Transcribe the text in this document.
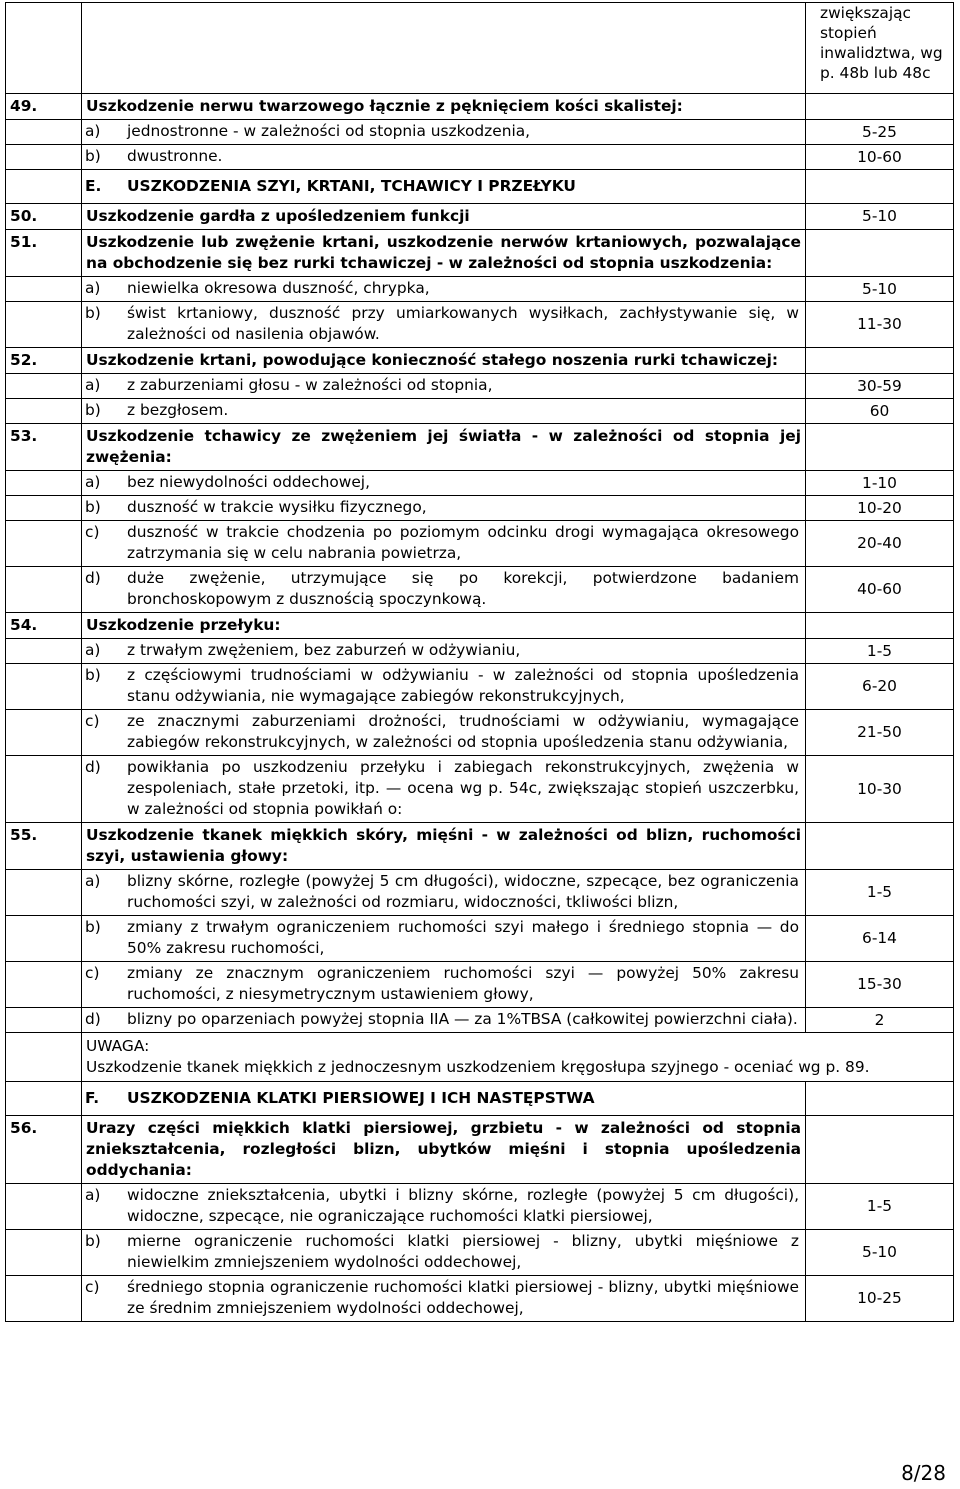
		zwiększając
stopień
inwalidztwa, wg
p. 48b lub 48c

49.	Uszkodzenie nerwu twarzowego łącznie z pęknięciem kości skalistej:	

	a) jednostronne - w zależności od stopnia uszkodzenia,	5-25

	b) dwustronne.	10-60

	E. USZKODZENIA SZYI, KRTANI, TCHAWICY I PRZEŁYKU	

50.	Uszkodzenie gardła z upośledzeniem funkcji	5-10

51.	Uszkodzenie lub zwężenie krtani, uszkodzenie nerwów krtaniowych, pozwalające na obchodzenie się bez rurki tchawiczej - w zależności od stopnia uszkodzenia:	

	a) niewielka okresowa duszność, chrypka,	5-10

	b) świst krtaniowy, duszność przy umiarkowanych wysiłkach, zachłystywanie się, w zależności od nasilenia objawów.	11-30

52.	Uszkodzenie krtani, powodujące konieczność stałego noszenia rurki tchawiczej:	

	a) z zaburzeniami głosu - w zależności od stopnia,	30-59

	b) z bezgłosem.	60

53.	Uszkodzenie tchawicy ze zwężeniem jej światła - w zależności od stopnia jej zwężenia:	

	a) bez niewydolności oddechowej,	1-10

	b) duszność w trakcie wysiłku fizycznego,	10-20

	c) duszność w trakcie chodzenia po poziomym odcinku drogi wymagająca okresowego zatrzymania się w celu nabrania powietrza,	20-40

	d) duże zwężenie, utrzymujące się po korekcji, potwierdzone badaniem bronchoskopowym z dusznością spoczynkową.	40-60

54.	Uszkodzenie przełyku:	

	a) z trwałym zwężeniem, bez zaburzeń w odżywianiu,	1-5

	b) z częściowymi trudnościami w odżywianiu - w zależności od stopnia upośledzenia stanu odżywiania, nie wymagające zabiegów rekonstrukcyjnych,	6-20

	c) ze znacznymi zaburzeniami drożności, trudnościami w odżywianiu, wymagające zabiegów rekonstrukcyjnych, w zależności od stopnia upośledzenia stanu odżywiania,	21-50

	d) powikłania po uszkodzeniu przełyku i zabiegach rekonstrukcyjnych, zwężenia w zespoleniach, stałe przetoki, itp. — ocena wg p. 54c, zwiększając stopień uszczerbku, w zależności od stopnia powikłań o:	10-30

55.	Uszkodzenie tkanek miękkich skóry, mięśni - w zależności od blizn, ruchomości szyi, ustawienia głowy:	

	a) blizny skórne, rozległe (powyżej 5 cm długości), widoczne, szpecące, bez ograniczenia ruchomości szyi, w zależności od rozmiaru, widoczności, tkliwości blizn,	1-5

	b) zmiany z trwałym ograniczeniem ruchomości szyi małego i średniego stopnia — do 50% zakresu ruchomości,	6-14

	c) zmiany ze znacznym ograniczeniem ruchomości szyi — powyżej 50% zakresu ruchomości, z niesymetrycznym ustawieniem głowy,	15-30

	d) blizny po oparzeniach powyżej stopnia IIA — za 1%TBSA (całkowitej powierzchni ciała).	2

	UWAGA:
Uszkodzenie tkanek miękkich z jednoczesnym uszkodzeniem kręgosłupa szyjnego - oceniać wg p. 89.	

	F. USZKODZENIA KLATKI PIERSIOWEJ I ICH NASTĘPSTWA	

56.	Urazy części miękkich klatki piersiowej, grzbietu - w zależności od stopnia zniekształcenia, rozległości blizn, ubytków mięśni i stopnia upośledzenia oddychania:	

	a) widoczne zniekształcenia, ubytki i blizny skórne, rozległe (powyżej 5 cm długości), widoczne, szpecące, nie ograniczające ruchomości klatki piersiowej,	1-5

	b) mierne ograniczenie ruchomości klatki piersiowej - blizny, ubytki mięśniowe z niewielkim zmniejszeniem wydolności oddechowej,	5-10

	c) średniego stopnia ograniczenie ruchomości klatki piersiowej - blizny, ubytki mięśniowe ze średnim zmniejszeniem wydolności oddechowej,	10-25
8/28
